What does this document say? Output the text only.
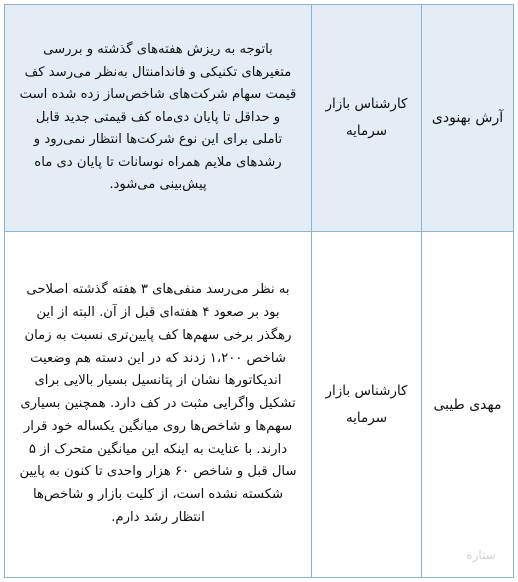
آرش بهنودی
کارشناس بازار سرمایه
باتوجه به ریزش هفته‌های گذشته و بررسی متغیرهای تکنیکی و فاندامنتال به‌نظر می‌رسد کف قیمت سهام شرکت‌های شاخص‌ساز زده شده است و حداقل تا پایان دی‌ماه کف قیمتی جدید قابل تاملی برای این نوع شرکت‌ها انتظار نمی‌رود و رشدهای ملایم همراه نوسانات تا پایان دی ماه پیش‌بینی می‌شود.
مهدی طیبی
کارشناس بازار سرمایه
به نظر می‌رسد منفی‌های ۳ هفته گذشته اصلاحی بود بر صعود ۴ هفته‌ای قبل از آن. البته از این رهگذر برخی سهم‌ها کف پایین‌تری نسبت به زمان شاخص ۱،۲۰۰ زدند که در این دسته هم وضعیت اندیکاتورها نشان از پتانسیل بسیار بالایی برای تشکیل واگرایی مثبت در کف دارد. همچنین بسیاری سهم‌ها و شاخص‌ها روی میانگین یکساله خود قرار دارند. با عنایت به اینکه این میانگین متحرک از ۵ سال قبل و شاخص ۶۰ هزار واحدی تا کنون به پایین شکسته نشده است، از کلیت بازار و شاخص‌ها انتظار رشد دارم.
ستاره
